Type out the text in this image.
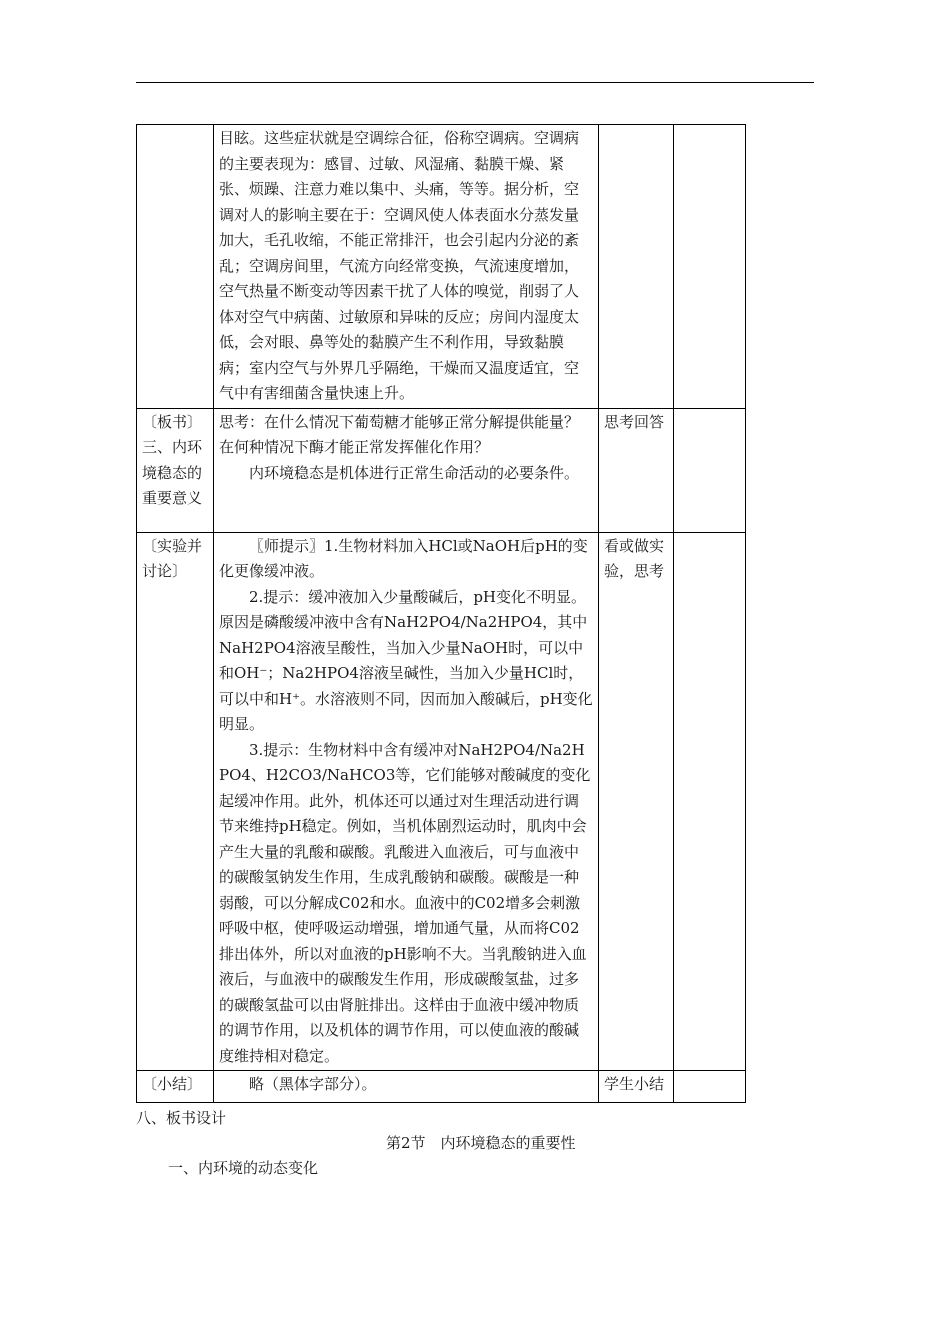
	目眩。这些症状就是空调综合征，俗称空调病。空调病的主要表现为：感冒、过敏、风湿痛、黏膜干燥、紧张、烦躁、注意力难以集中、头痛，等等。据分析，空调对人的影响主要在于：空调风使人体表面水分蒸发量加大，毛孔收缩，不能正常排汗，也会引起内分泌的紊乱；空调房间里，气流方向经常变换，气流速度增加，空气热量不断变动等因素干扰了人体的嗅觉，削弱了人体对空气中病菌、过敏原和异味的反应；房间内湿度太低，会对眼、鼻等处的黏膜产生不利作用，导致黏膜病；室内空气与外界几乎隔绝，干燥而又温度适宜，空气中有害细菌含量快速上升。		

〔板书〕三、内环境稳态的重要意义	思考：在什么情况下葡萄糖才能够正常分解提供能量？在何种情况下酶才能正常发挥催化作用？

内环境稳态是机体进行正常生命活动的必要条件。	思考回答	
〔实验并讨论〕	〖师提示〗1.生物材料加入HCl或NaOH后pH的变化更像缓冲液。

2.提示：缓冲液加入少量酸碱后，pH变化不明显。原因是磷酸缓冲液中含有NaH2PO4/Na2HPO4，其中NaH2PO4溶液呈酸性，当加入少量NaOH时，可以中和OH⁻；Na2HPO4溶液呈碱性，当加入少量HCl时，可以中和H⁺。水溶液则不同，因而加入酸碱后，pH变化明显。

3.提示：生物材料中含有缓冲对NaH2PO4/Na2HPO4、H2CO3/NaHCO3等，它们能够对酸碱度的变化起缓冲作用。此外，机体还可以通过对生理活动进行调节来维持pH稳定。例如，当机体剧烈运动时，肌肉中会产生大量的乳酸和碳酸。乳酸进入血液后，可与血液中的碳酸氢钠发生作用，生成乳酸钠和碳酸。碳酸是一种弱酸，可以分解成C02和水。血液中的C02增多会刺激呼吸中枢，使呼吸运动增强，增加通气量，从而将C02排出体外，所以对血液的pH影响不大。当乳酸钠进入血液后，与血液中的碳酸发生作用，形成碳酸氢盐，过多的碳酸氢盐可以由肾脏排出。这样由于血液中缓冲物质的调节作用，以及机体的调节作用，可以使血液的酸碱度维持相对稳定。	看或做实验，思考	
〔小结〕	略（黑体字部分）。	学生小结	
八、板书设计
第2节　内环境稳态的重要性
一、内环境的动态变化
